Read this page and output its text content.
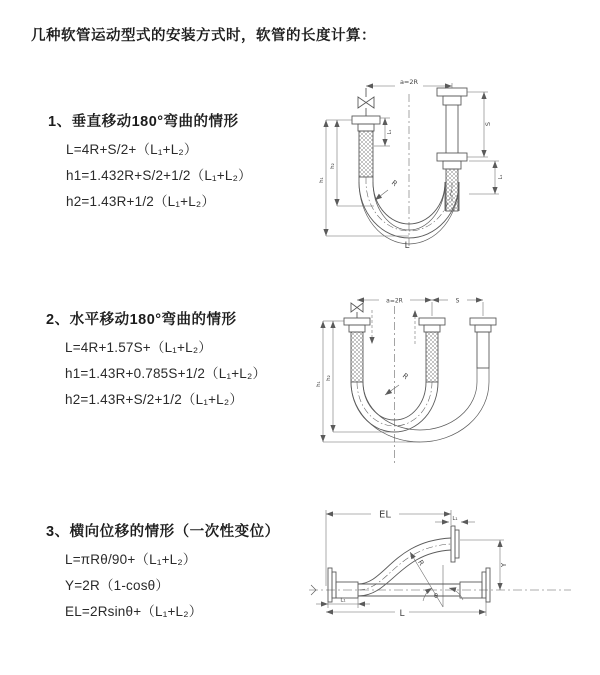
几种软管运动型式的安装方式时，软管的长度计算：
1、垂直移动180°弯曲的情形
L=4R+S/2+（L₁+L₂）
h1=1.432R+S/2+1/2（L₁+L₂）
h2=1.43R+1/2（L₁+L₂）
2、水平移动180°弯曲的情形
L=4R+1.57S+（L₁+L₂）
h1=1.43R+0.785S+1/2（L₁+L₂）
h2=1.43R+S/2+1/2（L₁+L₂）
3、横向位移的情形（一次性变位）
L=πRθ/90+（L₁+L₂）
Y=2R（1-cosθ）
EL=2Rsinθ+（L₁+L₂）
a=2R
S
L₁
L₁
h₁
h₂
R
L
a=2R	S
h₁
h₂	R
EL	L₁
Y
R
θ
L
L₁
